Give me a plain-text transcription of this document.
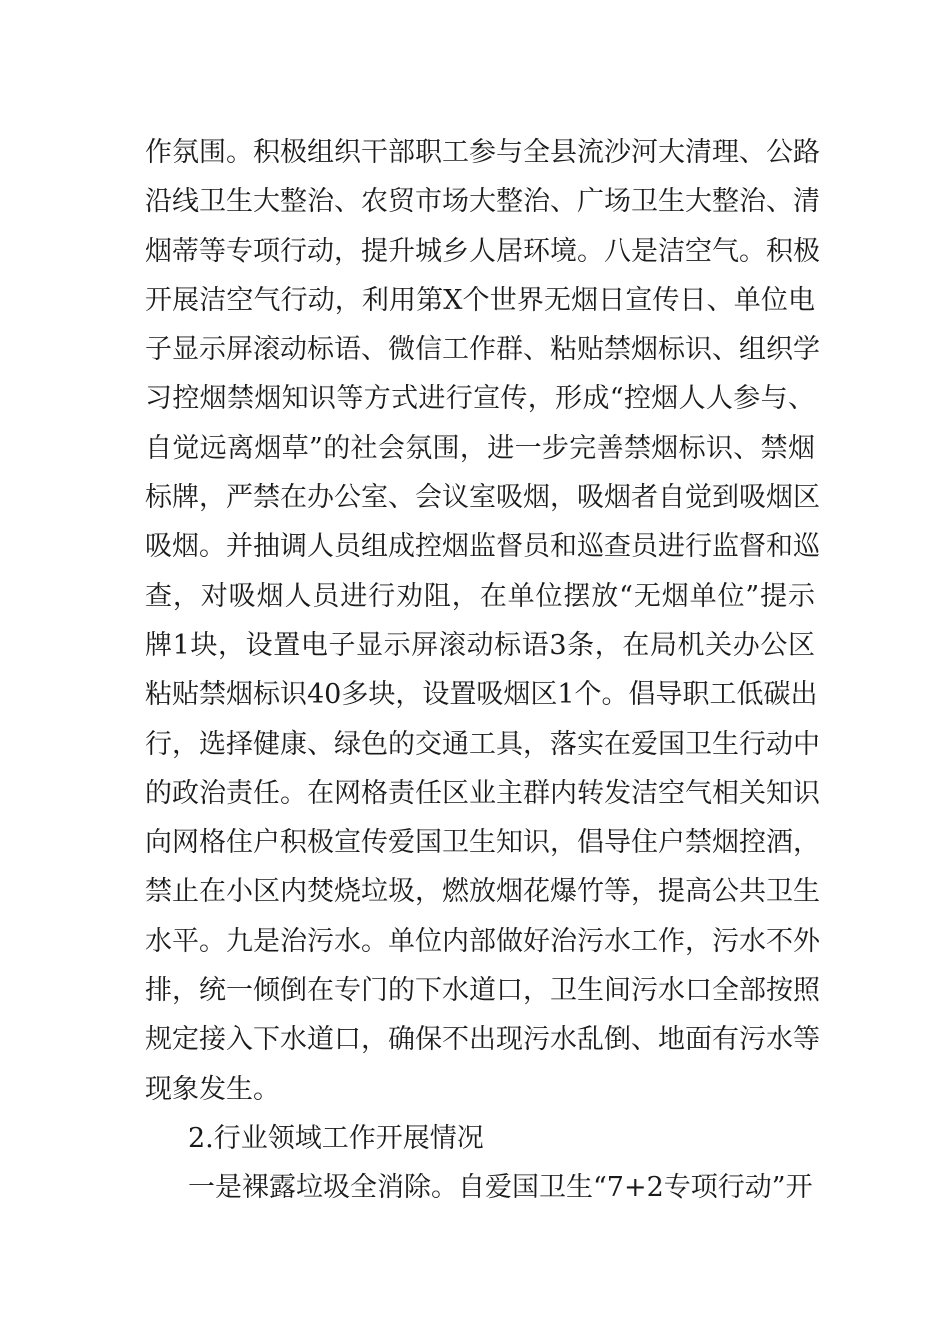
作氛围。积极组织干部职工参与全县流沙河大清理、公路
沿线卫生大整治、农贸市场大整治、广场卫生大整治、清
烟蒂等专项行动，提升城乡人居环境。八是洁空气。积极
开展洁空气行动，利用第X个世界无烟日宣传日、单位电
子显示屏滚动标语、微信工作群、粘贴禁烟标识、组织学
习控烟禁烟知识等方式进行宣传，形成“控烟人人参与、
自觉远离烟草”的社会氛围，进一步完善禁烟标识、禁烟
标牌，严禁在办公室、会议室吸烟，吸烟者自觉到吸烟区
吸烟。并抽调人员组成控烟监督员和巡查员进行监督和巡
查，对吸烟人员进行劝阻，在单位摆放“无烟单位”提示
牌1块，设置电子显示屏滚动标语3条，在局机关办公区
粘贴禁烟标识40多块，设置吸烟区1个。倡导职工低碳出
行，选择健康、绿色的交通工具，落实在爱国卫生行动中
的政治责任。在网格责任区业主群内转发洁空气相关知识
向网格住户积极宣传爱国卫生知识，倡导住户禁烟控酒，
禁止在小区内焚烧垃圾，燃放烟花爆竹等，提高公共卫生
水平。九是治污水。单位内部做好治污水工作，污水不外
排，统一倾倒在专门的下水道口，卫生间污水口全部按照
规定接入下水道口，确保不出现污水乱倒、地面有污水等
现象发生。
2.行业领域工作开展情况
一是裸露垃圾全消除。自爱国卫生“7+2专项行动”开
